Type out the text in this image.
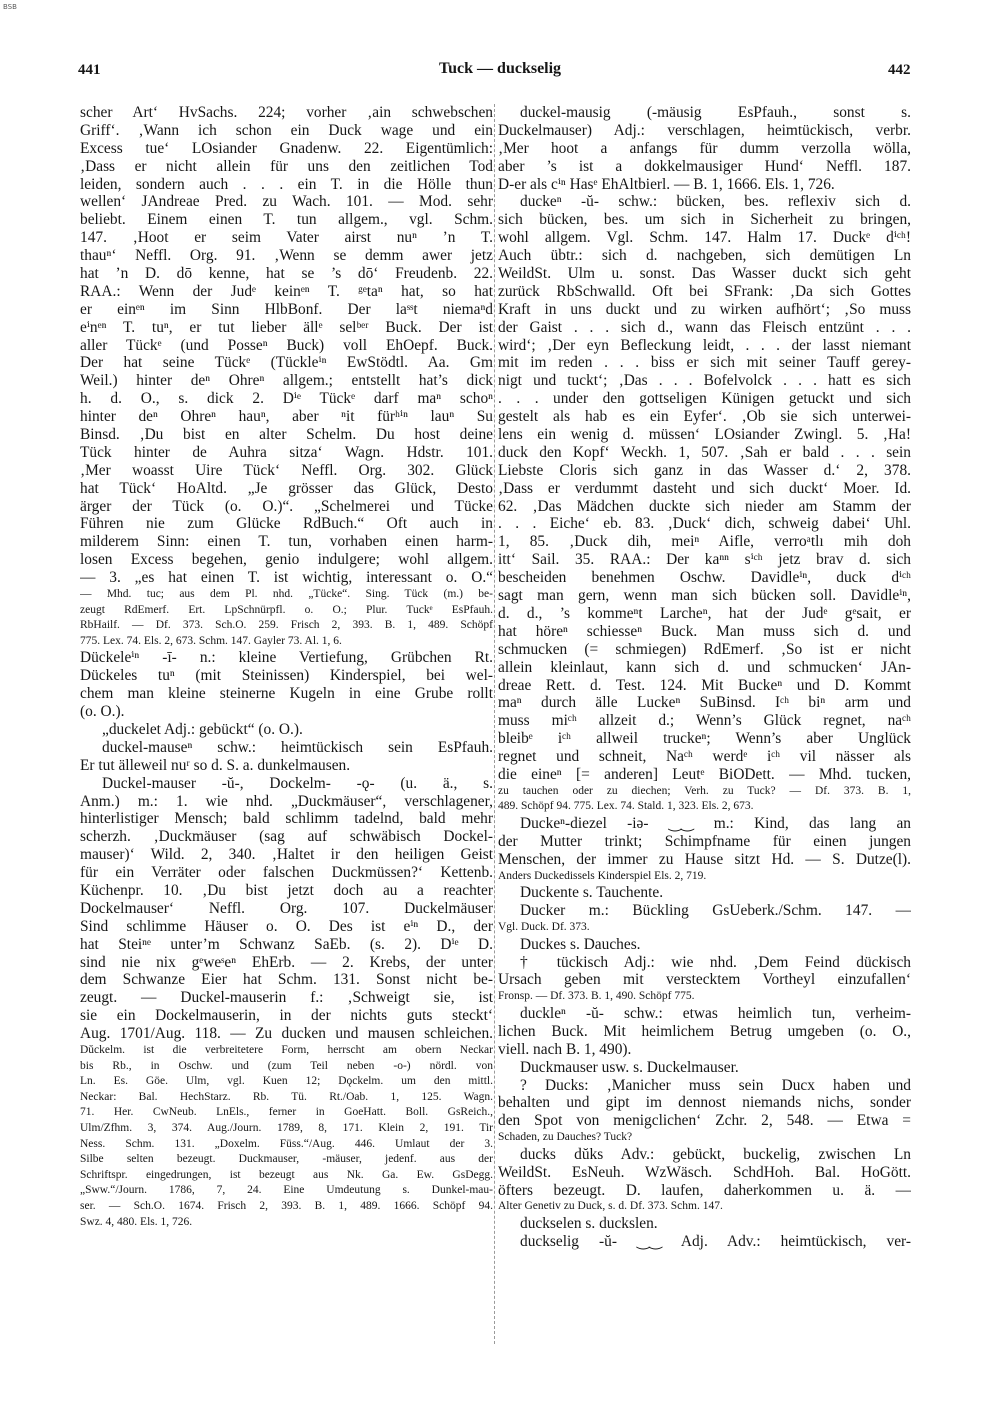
BSB
441	Tuck — duckselig	442
scher Art‘ HvSachs. 224; vorher ‚ain schwebschen
Griff‘. ‚Wann ich schon ein Duck wage und ein
Excess tue‘ LOsiander Gnadenw. 22. Eigentümlich:
‚Dass er nicht allein für uns den zeitlichen Tod
leiden, sondern auch . . . ein T. in die Hölle thun
wellen‘ JAndreae Pred. zu Wach. 101. — Mod. sehr
beliebt. Einem einen T. tun allgem., vgl. Schm.
147. ‚Hoot er seim Vater airst nuⁿ ’n T.
thauⁿ‘ Neffl. Org. 91. ‚Wenn se demm awer jetz
hat ’n D. dō kenne, hat se ’s dō‘ Freudenb. 22.
RAA.: Wenn der Judᵉ keinᵉⁿ T. ᵍᵉtaⁿ hat, so hat
er einᵉⁿ im Sinn HlbBonf. Der laˢˢt niemaⁿd
eⁱnᵉⁿ T. tuⁿ, er tut lieber ällᵉ selᵇᵉʳ Buck. Der ist
aller Tückᵉ (und Posseⁿ Buck) voll EhOepf. Buck.
Der hat seine Tückᵉ (Tückleⁱⁿ EwStödtl. Aa. Gm
Weil.) hinter deⁿ Ohreⁿ allgem.; entstellt hat’s dick
h. d. O., s. dick 2. Dⁱᵉ Tückᵉ darf maⁿ schoⁿ
hinter deⁿ Ohreⁿ hauⁿ, aber ⁿit fürʰⁱⁿ lauⁿ Su
Binsd. ‚Du bist en alter Schelm. Du host deine
Tück hinter de Auhra sitza‘ Wagn. Hdstr. 101.
‚Mer woasst Uire Tück‘ Neffl. Org. 302. Glück
hat Tück‘ HoAltd. „Je grösser das Glück, Desto
ärger der Tück (o. O.)“. „Schelmerei und Tücke
Führen nie zum Glücke RdBuch.“ Oft auch in
milderem Sinn: einen T. tun, vorhaben einen harm-
losen Excess begehen, genio indulgere; wohl allgem.
— 3. „es hat einen T. ist wichtig, interessant o. O.“
— Mhd. tuc; aus dem Pl. nhd. „Tücke“. Sing. Tück (m.) be-
zeugt RdEmerf. Ert. LpSchnürpfl. o. O.; Plur. Tuckᵉ EsPfauh.
RbHailf. — Df. 373. Sch.O. 259. Frisch 2, 393. B. 1, 489. Schöpf
775. Lex. 74. Els. 2, 673. Schm. 147. Gayler 73. Al. 1, 6.
Dückeleⁱⁿ -ī- n.: kleine Vertiefung, Grübchen Rt.
Dückeles tuⁿ (mit Steinissen) Kinderspiel, bei wel-
chem man kleine steinerne Kugeln in eine Grube rollt
(o. O.).
„duckelet Adj.: gebückt“ (o. O.).
duckel-mauseⁿ schw.: heimtückisch sein EsPfauh.
Er tut älleweil nuʳ so d. S. a. dunkelmausen.
Duckel-mauser -ŭ-, Dockelm- -ǫ- (u. ä., s.
Anm.) m.: 1. wie nhd. „Duckmäuser“, verschlagener,
hinterlistiger Mensch; bald schlimm tadelnd, bald mehr
scherzh. ‚Duckmäuser (sag auf schwäbisch Dockel-
mauser)‘ Wild. 2, 340. ‚Haltet ir den heiligen Geist
für ein Verräter oder falschen Duckmüssen?‘ Kettenb.
Küchenpr. 10. ‚Du bist jetzt doch au a reachter
Dockelmauser‘ Neffl. Org. 107. Duckelmäuser
Sind schlimme Häuser o. O. Des ist eⁱⁿ D., der
hat Steiⁿᵉ unter’m Schwanz SaEb. (s. 2). Dⁱᵉ D.
sind nie nix gᵉweˢeⁿ EhErb. — 2. Krebs, der unter
dem Schwanze Eier hat Schm. 131. Sonst nicht be-
zeugt. — Duckel-mauserin f.: ‚Schweigt sie, ist
sie ein Dockelmauserin, in der nichts guts steckt‘
Aug. 1701/Aug. 118. — Zu ducken und mausen schleichen.
Dŭckelm. ist die verbreitetere Form, herrscht am obern Neckar
bis Rb., in Oschw. und (zum Teil neben -o-) nördl. von
Ln. Es. Göe. Ulm, vgl. Kuen 12; Dǫckelm. um den mittl.
Neckar: Bal. HechStarz. Rb. Tü. Rt./Oab. 1, 125. Wagn.
71. Her. CwNeub. LnEls., ferner in GoeHatt. Boll. GsReich.,
Ulm/Zfhm. 3, 374. Aug./Journ. 1789, 8, 171. Klein 2, 191. Tir
Ness. Schm. 131. „Doxelm. Füss.“/Aug. 446. Umlaut der 3.
Silbe selten bezeugt. Duckmauser, -mäuser, jedenf. aus der
Schriftspr. eingedrungen, ist bezeugt aus Nk. Ga. Ew. GsDegg.
„Sww.“/Journ. 1786, 7, 24. Eine Umdeutung s. Dunkel-mau-
ser. — Sch.O. 1674. Frisch 2, 393. B. 1, 489. 1666. Schöpf 94.
Swz. 4, 480. Els. 1, 726.
duckel-mausig (-mäusig EsPfauh., sonst s.
Duckelmauser) Adj.: verschlagen, heimtückisch, verbr.
‚Mer hoot a anfangs für dumm verzolla wölla,
aber ’s ist a dokkelmausiger Hund‘ Neffl. 187.
D-er als cⁱⁿ Hasᵉ EhAltbierl. — B. 1, 1666. Els. 1, 726.
duckeⁿ -ŭ- schw.: bücken, bes. reflexiv sich d.
sich bücken, bes. um sich in Sicherheit zu bringen,
wohl allgem. Vgl. Schm. 147. Halm 17. Duckᵉ dⁱᶜʰ!
Auch übtr.: sich d. nachgeben, sich demütigen Ln
WeildSt. Ulm u. sonst. Das Wasser duckt sich geht
zurück RbSchwalld. Oft bei SFrank: ‚Da sich Gottes
Kraft in uns duckt und zu wirken aufhört‘; ‚So muss
der Gaist . . . sich d., wann das Fleisch entzünt . . .
wird‘; ‚Der eyn Befleckung leidt, . . . der lasst niemant
mit im reden . . . biss er sich mit seiner Tauff gerey-
nigt und tuckt‘; ‚Das . . . Bofelvolck . . . hatt es sich
. . . under den gottseligen Künigen getuckt und sich
gestelt als hab es ein Eyfer‘. ‚Ob sie sich unterwei-
lens ein wenig d. müssen‘ LOsiander Zwingl. 5. ‚Ha!
duck den Kopf‘ Weckh. 1, 507. ‚Sah er bald . . . sein
Liebste Cloris sich ganz in das Wasser d.‘ 2, 378.
‚Dass er verdummt dasteht und sich duckt‘ Moer. Id.
62. ‚Das Mädchen duckte sich nieder am Stamm der
. . . Eiche‘ eb. 83. ‚Duck‘ dich, schweig dabei‘ Uhl.
1, 85. ‚Duck dih, meiⁿ Aifle, verroᵃtlı mih doh
itt‘ Sail. 35. RAA.: Der kaⁿⁿ sⁱᶜʰ jetz brav d. sich
bescheiden benehmen Oschw. Davidleⁱⁿ, duck dⁱᶜʰ
sagt man gern, wenn man sich bücken soll. Davidleⁱⁿ,
d. d., ’s kommeⁿt Larcheⁿ, hat der Judᵉ gᵉsait, er
hat höreⁿ schiesseⁿ Buck. Man muss sich d. und
schmucken (= schmiegen) RdEmerf. ‚So ist er nicht
allein kleinlaut, kann sich d. und schmucken‘ JAn-
dreae Rett. d. Test. 124. Mit Buckeⁿ und D. Kommt
maⁿ durch älle Luckeⁿ SuBinsd. Iᶜʰ biⁿ arm und
muss miᶜʰ allzeit d.; Wenn’s Glück regnet, naᶜʰ
bleibᵉ iᶜʰ allweil truckeⁿ; Wenn’s aber Unglück
regnet und schneit, Naᶜʰ werdᵉ iᶜʰ vil nässer als
die eineⁿ [= anderen] Leutᵉ BiODett. — Mhd. tucken,
zu tauchen oder zu diechen; Verh. zu Tuck? — Df. 373. B. 1,
489. Schöpf 94. 775. Lex. 74. Stald. 1, 323. Els. 2, 673.
Duckeⁿ-diezel -iə- ‿‿ m.: Kind, das lang an
der Mutter trinkt; Schimpfname für einen jungen
Menschen, der immer zu Hause sitzt Hd. — S. Dutze(l).
Anders Duckedissels Kinderspiel Els. 2, 719.
Duckente s. Tauchente.
Ducker m.: Bückling GsUeberk./Schm. 147. —
Vgl. Duck. Df. 373.
Duckes s. Dauches.
† tückisch Adj.: wie nhd. ‚Dem Feind dückisch
Ursach geben mit verstecktem Vortheyl einzufallen‘
Fronsp. — Df. 373. B. 1, 490. Schöpf 775.
duckleⁿ -ŭ- schw.: etwas heimlich tun, verheim-
lichen Buck. Mit heimlichem Betrug umgeben (o. O.,
viell. nach B. 1, 490).
Duckmauser usw. s. Duckelmauser.
? Ducks: ‚Manicher muss sein Ducx haben und
behalten und gipt im dennost niemands nichs, sonder
den Spot von menigclichen‘ Zchr. 2, 548. — Etwa =
Schaden, zu Dauches? Tuck?
ducks dŭks Adv.: gebückt, buckelig, zwischen Ln
WeildSt. EsNeuh. WzWäsch. SchdHoh. Bal. HoGött.
öfters bezeugt. D. laufen, daherkommen u. ä. —
Alter Genetiv zu Duck, s. d. Df. 373. Schm. 147.
duckselen s. duckslen.
duckselig -ŭ- ‿‿ Adj. Adv.: heimtückisch, ver-
